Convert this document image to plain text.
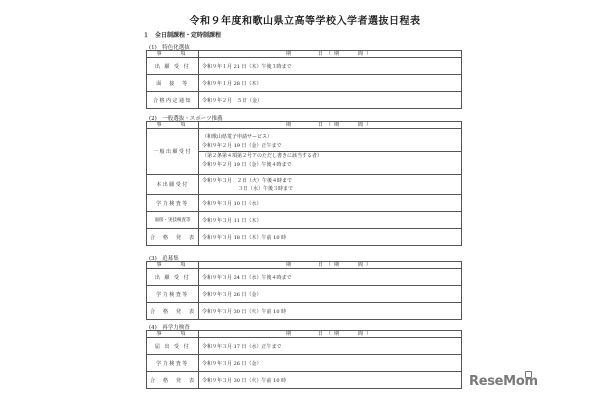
令和９年度和歌山県立高等学校入学者選抜日程表
１　全日制課程・定時制課程
(1)　特色化選抜
事　　項	期　　　日（期　　間）
出 願 受 付	令和９年１月 21 日（木）午後３時まで
面　接　等	令和９年１月 28 日（木）
合格内定通知	令和９年２月　５日（金）
(2)　一般選抜・スポーツ推薦
事　　項	期　　　日（期　　間）
一般出願受付	（和歌山県電子申請サービス）
令和９年２月 19 日（金）正午まで
（第２条第４項第２号アのただし書きに該当する者）
令和９年２月 19 日（金）午後４時まで

本出願受付	令和９年３月　２日（火）午後４時まで
３日（水）午後３時まで

学力検査等	令和９年３月 10 日（水）
面接・実技検査等	令和９年３月 11 日（木）
合　格　発　表	令和９年３月 18 日（木）午前 10 時
(3)　追募集
事　　項	期　　　日（期　　間）
出 願 受 付	令和９年３月 24 日（水）午後４時まで
学力検査等	令和９年３月 26 日（金）
合　格　発　表	令和９年３月 30 日（火）午前 10 時
(4)　再学力検査
事　　項	期　　　日（期　　間）
届 出 受 付	令和９年３月 17 日（水）正午まで
学力検査等	令和９年３月 26 日（金）
合　格　発　表	令和９年３月 30 日（火）午前 10 時	ReseMom
